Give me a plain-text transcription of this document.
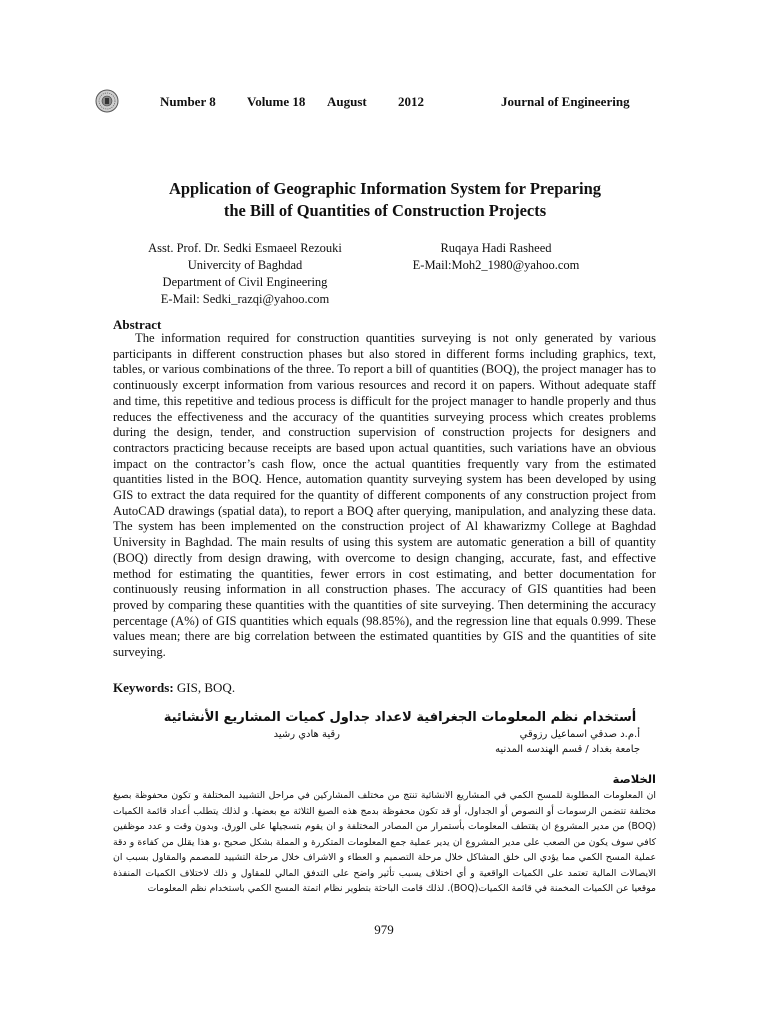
Number 8 Volume 18 August 2012	Journal of Engineering
Application of Geographic Information System for Preparing
the Bill of Quantities of Construction Projects
Asst. Prof. Dr. Sedki Esmaeel Rezouki
Univercity of Baghdad
Department of Civil Engineering
E-Mail: Sedki_razqi@yahoo.com
Ruqaya Hadi Rasheed
E-Mail:Moh2_1980@yahoo.com
Abstract

The information required for construction quantities surveying is not only generated by various participants in different construction phases but also stored in different forms including graphics, text, tables, or various combinations of the three. To report a bill of quantities (BOQ), the project manager has to continuously excerpt information from various resources and record it on papers. Without adequate staff and time, this repetitive and tedious process is difficult for the project manager to handle properly and thus reduces the effectiveness and the accuracy of the quantities surveying process which creates problems during the design, tender, and construction supervision of construction projects for designers and contractors practicing because receipts are based upon actual quantities, such variations have an obvious impact on the contractor’s cash flow, once the actual quantities frequently vary from the estimated quantities listed in the BOQ. Hence, automation quantity surveying system has been developed by using GIS to extract the data required for the quantity of different components of any construction project from AutoCAD drawings (spatial data), to report a BOQ after querying, manipulation, and analyzing these data. The system has been implemented on the construction project of Al khawarizmy College at Baghdad University in Baghdad. The main results of using this system are automatic generation a bill of quantity (BOQ) directly from design drawing, with overcome to design changing, accurate, fast, and effective method for estimating the quantities, fewer errors in cost estimating, and better documentation for continuously reusing information in all construction phases. The accuracy of GIS quantities had been proved by comparing these quantities with the quantities of site surveying. Then determining the accuracy percentage (A%) of GIS quantities which equals (98.85%), and the regression line that equals 0.999. These values mean; there are big correlation between the estimated quantities by GIS and the quantities of site surveying.

Keywords: GIS, BOQ.
أستخدام نظم المعلومات الجغرافية لاعداد جداول كميات المشاريع الأنشائية
أ.م.د صدقي اسماعيل رزوقي
جامعة بغداد / قسم الهندسه المدنيه
رقية هادي رشيد
الخلاصة

ان المعلومات المطلوبة للمسح الكمي في المشاريع الانشائية تنتج من مختلف المشاركين في مراحل التشييد المختلفة و تكون محفوظة بصيغ مختلفة تتضمن الرسومات أو النصوص أو الجداول، أو قد تكون محفوظة بدمج هذه الصيغ الثلاثة مع بعضها. و لذلك يتطلب أعداد قائمة الكميات (BOQ) من مدير المشروع ان يقتطف المعلومات بأستمرار من المصادر المختلفة و ان يقوم بتسجيلها على الورق. وبدون وقت و عدد موظفين كافي سوف يكون من الصعب على مدير المشروع ان يدير عملية جمع المعلومات المتكررة و المملة بشكل صحيح ،و هذا يقلل من كفاءة و دقة عملية المسح الكمي مما يؤدي الى خلق المشاكل خلال مرحلة التصميم و العطاء و الاشراف خلال مرحلة التشييد للمصمم والمقاول بسبب ان الايصالات المالية تعتمد على الكميات الواقعية و أي اختلاف يسبب تأثير واضح على التدفق المالي للمقاول و ذلك لاختلاف الكميات المنفذة موقعيا عن الكميات المخمنة في قائمة الكميات(BOQ). لذلك قامت الباحثة بتطوير نظام اتمتة المسح الكمي باستخدام نظم المعلومات

979
